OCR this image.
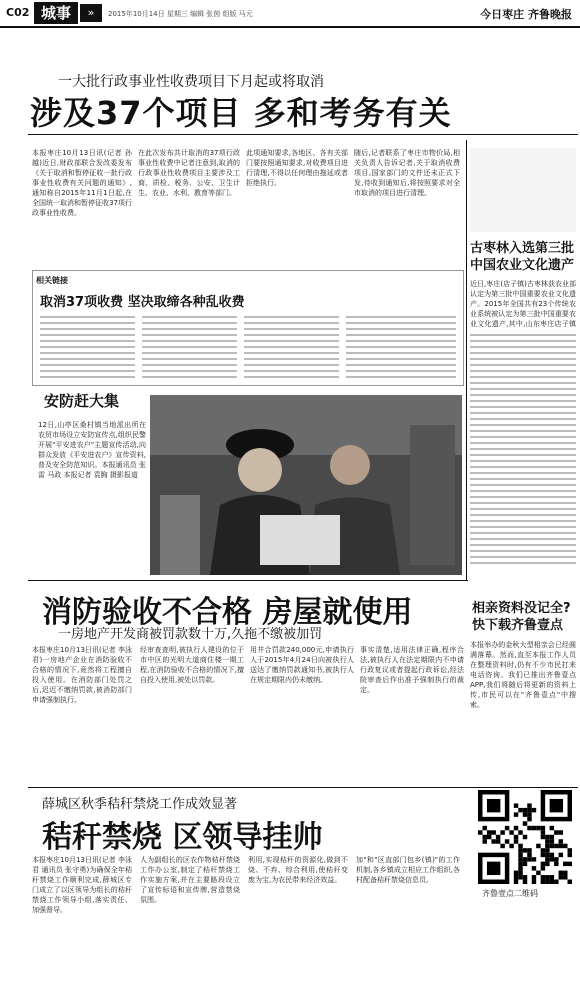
C02 城事	»	2015年10月14日 星期三 编辑 张茵 组版 马元	今日枣庄 齐鲁晚报
一大批行政事业性收费项目下月起或将取消
涉及37个项目 多和考务有关
本报枣庄10月13日讯(记者 孙越)近日,财政部联合发改委发布《关于取消和暂停征收一批行政事业性收费有关问题的通知》,通知称自2015年11月1日起,在全国统一取消和暂停征收37项行政事业性收费。
在此次发布共计取消的37项行政事业性收费中记者注意到,取消的行政事业性收费项目主要涉及工商、质检、税务、公安、卫生计生、农业、水利、教育等部门。
此项通知要求,各地区、各有关部门要按照通知要求,对收费项目进行清理,不得以任何理由拖延或者拒绝执行。
随后,记者联系了枣庄市物价局,相关负责人告诉记者,关于取消收费项目,国家部门的文件还未正式下发,待收到通知后,将按照要求对全市取消的项目进行清理。
相关链接
取消37项收费 坚决取缔各种乱收费
古枣林入选第三批中国农业文化遗产
近日,枣庄(店子镇)古枣林获农业部认定为第三批中国重要农业文化遗产。2015年全国共有23个传统农业系统被认定为第三批中国重要农业文化遗产,其中,山东枣庄店子镇
安防赶大集
12日,山亭区桑村镇当地派出所在农贸市场设立安防宣传点,组织民警开展"平安进农户"主题宣传活动,向群众发放《平安进农户》宣传资料,普及安全防范知识。本报通讯员 张雷 马政 本报记者 袁胸 摄影报道
消防验收不合格 房屋就使用
一房地产开发商被罚款数十万,久拖不缴被加罚
本报枣庄10月13日讯(记者 李泳君)一房地产企业在消防验收不合格的情况下,竟然将工程擅自投入使用。在消防部门处罚之后,迟迟不缴纳罚款,被消防部门申请强制执行。
经审查查明,被执行人建设的位于市中区的光明大道商住楼一期工程,在消防验收不合格的情况下,擅自投入使用,被处以罚款。
用井合罚款240,000元,申请执行人于2015年4月24日向被执行人送达了缴纳罚款通知书,被执行人在规定期限内仍未缴纳。
事实清楚,适用法律正确,程序合法,被执行人在法定期限内不申请行政复议或者提起行政诉讼,经法院审查后作出准予强制执行的裁定。
相亲资料没记全?快下载齐鲁壹点
本报举办的金秋大型相亲会已经圆满落幕。然而,直至本报工作人员在整理资料时,仍有不少市民打来电话咨询。我们已推出齐鲁壹点APP,我们将随后将更新的资料上传,市民可以在"齐鲁壹点"中搜索。
薛城区秋季秸秆禁烧工作成效显著
秸秆禁烧 区领导挂帅
本报枣庄10月13日讯(记者 李泳君 通讯员 张守勇)为确保全年秸秆禁烧工作顺利完成,薛城区专门成立了以区领导为组长的秸秆禁烧工作领导小组,落实责任、加强督导。
人为副组长的区农作物秸秆禁烧工作办公室,制定了秸秆禁烧工作实施方案,并在主要路段设立了宣传标语和宣传牌,营造禁烧氛围。
利用,实现秸秆的资源化,做到不烧、不弃、综合利用,使秸秆变废为宝,为农民带来经济效益。
加"和"区直部门包乡(镇)"的工作机制,各乡镇成立相应工作组织,各村配备秸秆禁烧信息员。
齐鲁壹点二维码
